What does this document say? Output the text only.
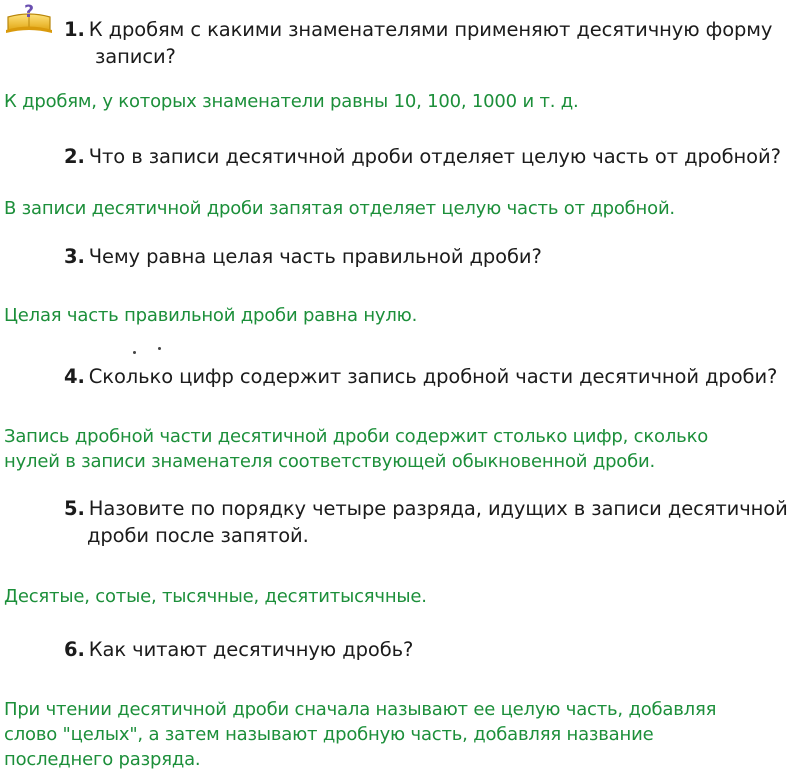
?
1. К дробям с какими знаменателями применяют десятичную форму
записи?
К дробям, у которых знаменатели равны 10, 100, 1000 и т. д.
2. Что в записи десятичной дроби отделяет целую часть от дробной?
В записи десятичной дроби запятая отделяет целую часть от дробной.
3. Чему равна целая часть правильной дроби?
Целая часть правильной дроби равна нулю.
4. Сколько цифр содержит запись дробной части десятичной дроби?
Запись дробной части десятичной дроби содержит столько цифр, сколько
нулей в записи знаменателя соответствующей обыкновенной дроби.
5. Назовите по порядку четыре разряда, идущих в записи десятичной
дроби после запятой.
Десятые, сотые, тысячные, десятитысячные.
6. Как читают десятичную дробь?
При чтении десятичной дроби сначала называют ее целую часть, добавляя
слово "целых", а затем называют дробную часть, добавляя название
последнего разряда.
